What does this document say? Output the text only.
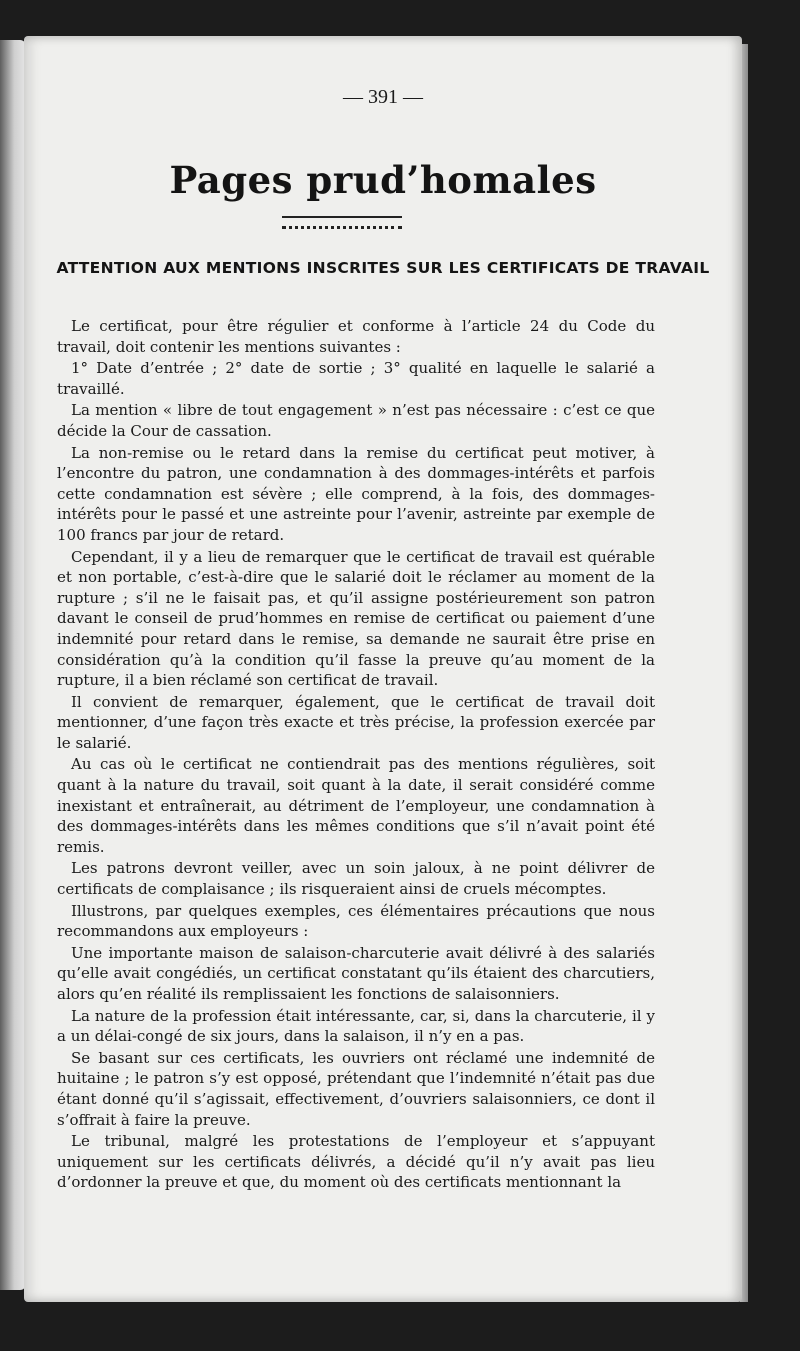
— 391 —
Pages prud’homales
ATTENTION AUX MENTIONS INSCRITES SUR LES CERTIFICATS DE TRAVAIL

Le certificat, pour être régulier et conforme à l’article 24 du Code du travail, doit contenir les mentions suivantes :

1° Date d’entrée ; 2° date de sortie ; 3° qualité en laquelle le salarié a travaillé.

La mention « libre de tout engagement » n’est pas nécessaire : c’est ce que décide la Cour de cassation.

La non-remise ou le retard dans la remise du certificat peut motiver, à l’encontre du patron, une condamnation à des dommages-intérêts et parfois cette condamnation est sévère ; elle comprend, à la fois, des dommages-intérêts pour le passé et une astreinte pour l’avenir, astreinte par exemple de 100 francs par jour de retard.

Cependant, il y a lieu de remarquer que le certificat de travail est quérable et non portable, c’est-à-dire que le salarié doit le réclamer au moment de la rupture ; s’il ne le faisait pas, et qu’il assigne postérieurement son patron davant le conseil de prud’hommes en remise de certificat ou paiement d’une indemnité pour retard dans le remise, sa demande ne saurait être prise en considération qu’à la condition qu’il fasse la preuve qu’au moment de la rupture, il a bien réclamé son certificat de travail.

Il convient de remarquer, également, que le certificat de travail doit mentionner, d’une façon très exacte et très précise, la profession exercée par le salarié.

Au cas où le certificat ne contiendrait pas des mentions régulières, soit quant à la nature du travail, soit quant à la date, il serait considéré comme inexistant et entraînerait, au détriment de l’employeur, une condamnation à des dommages-intérêts dans les mêmes conditions que s’il n’avait point été remis.

Les patrons devront veiller, avec un soin jaloux, à ne point délivrer de certificats de complaisance ; ils risqueraient ainsi de cruels mécomptes.

Illustrons, par quelques exemples, ces élémentaires précautions que nous recommandons aux employeurs :

Une importante maison de salaison-charcuterie avait délivré à des salariés qu’elle avait congédiés, un certificat constatant qu’ils étaient des charcutiers, alors qu’en réalité ils remplissaient les fonctions de salaisonniers.

La nature de la profession était intéressante, car, si, dans la charcuterie, il y a un délai-congé de six jours, dans la salaison, il n’y en a pas.

Se basant sur ces certificats, les ouvriers ont réclamé une indemnité de huitaine ; le patron s’y est opposé, prétendant que l’indemnité n’était pas due étant donné qu’il s’agissait, effectivement, d’ouvriers salaisonniers, ce dont il s’offrait à faire la preuve.

Le tribunal, malgré les protestations de l’employeur et s’appuyant uniquement sur les certificats délivrés, a décidé qu’il n’y avait pas lieu d’ordonner la preuve et que, du moment où des certificats mentionnant la
